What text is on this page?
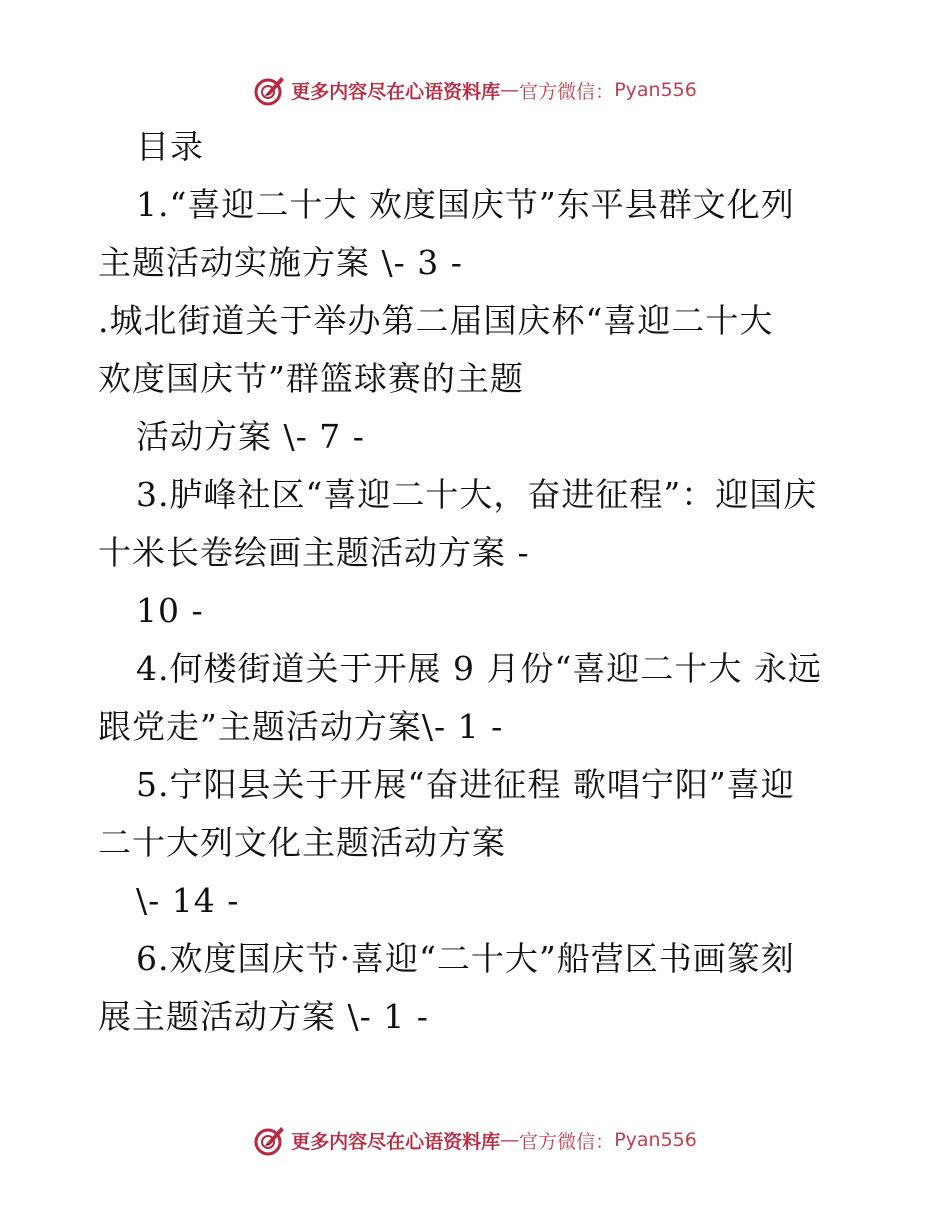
更多内容尽在心语资料库 — 官方微信： Pyan556
目录
1.“喜迎二十大 欢度国庆节”东平县群文化列
主题活动实施方案 \- 3 -
.城北街道关于举办第二届国庆杯“喜迎二十大
欢度国庆节”群篮球赛的主题
活动方案 \- 7 -
3.胪峰社区“喜迎二十大，奋进征程”：迎国庆
十米长卷绘画主题活动方案 -
10 -
4.何楼街道关于开展 9 月份“喜迎二十大 永远
跟党走”主题活动方案\- 1 -
5.宁阳县关于开展“奋进征程 歌唱宁阳”喜迎
二十大列文化主题活动方案
\- 14 -
6.欢度国庆节·喜迎“二十大”船营区书画篆刻
展主题活动方案 \- 1 -
更多内容尽在心语资料库 — 官方微信： Pyan556
